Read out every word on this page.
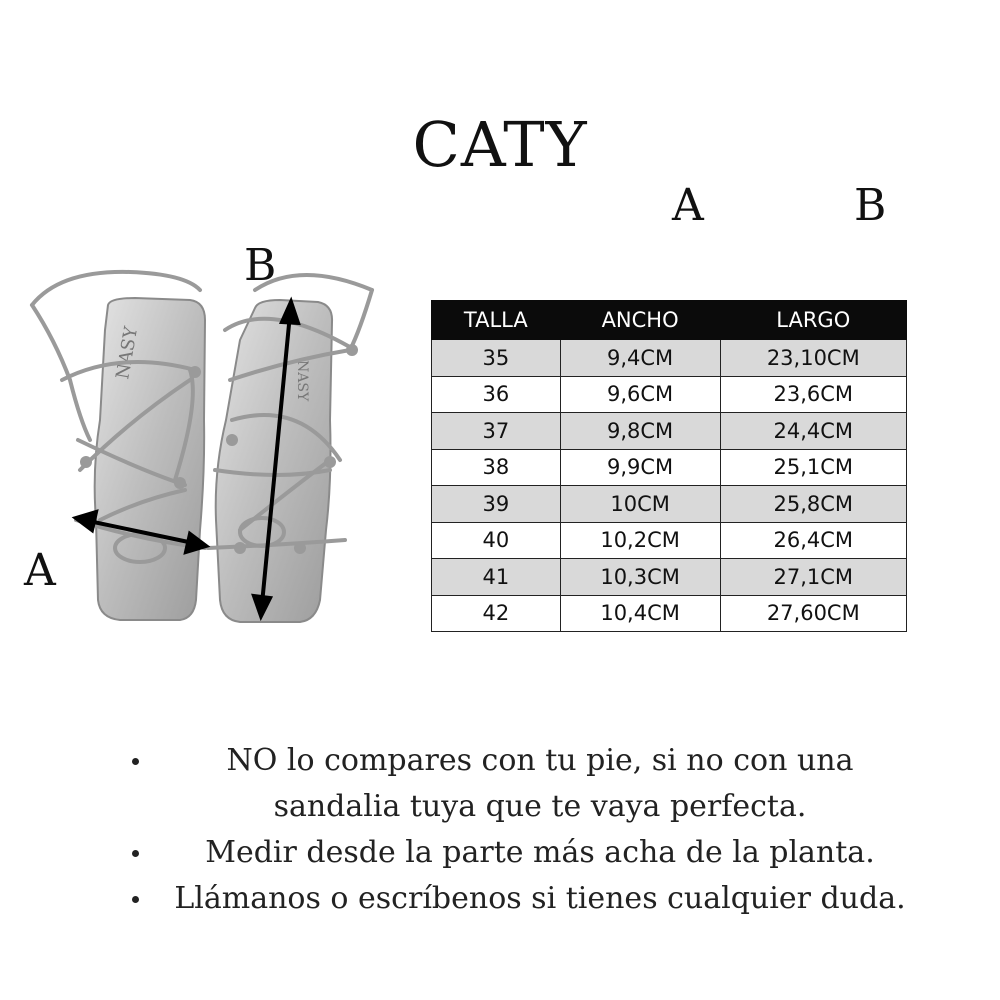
CATY
A	B
NASY	NASY
B
A
TALLA	ANCHO	LARGO
35	9,4CM	23,10CM
36	9,6CM	23,6CM
37	9,8CM	24,4CM
38	9,9CM	25,1CM
39	10CM	25,8CM
40	10,2CM	26,4CM
41	10,3CM	27,1CM
42	10,4CM	27,60CM
NO lo compares con tu pie, si no con una sandalia tuya que te vaya perfecta.
Medir desde la parte más acha de la planta.
Llámanos o escríbenos si tienes cualquier duda.
